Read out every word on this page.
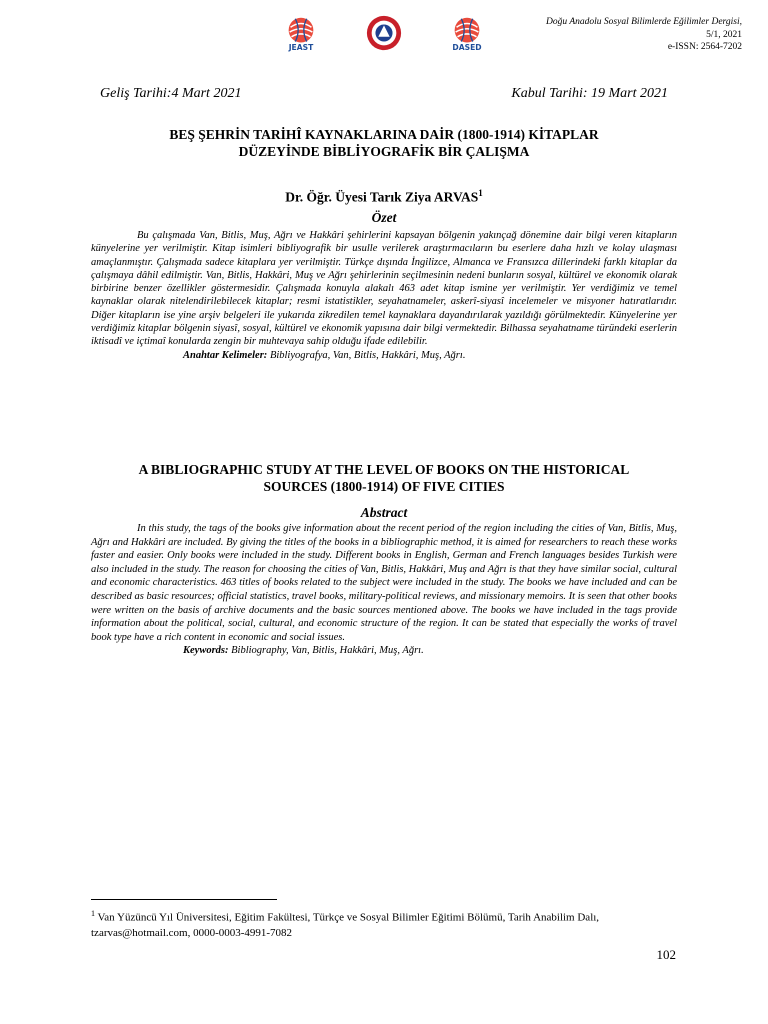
JEAST	DASED
Doğu Anadolu Sosyal Bilimlerde Eğilimler Dergisi,
5/1, 2021
e-ISSN: 2564-7202
Geliş Tarihi:4 Mart 2021	Kabul Tarihi: 19 Mart 2021
BEŞ ŞEHRİN TARİHÎ KAYNAKLARINA DAİR (1800-1914) KİTAPLAR
DÜZEYİNDE BİBLİYOGRAFİK BİR ÇALIŞMA
Dr. Öğr. Üyesi Tarık Ziya ARVAS$^1$
Özet

Bu çalışmada Van, Bitlis, Muş, Ağrı ve Hakkâri şehirlerini kapsayan bölgenin yakınçağ dönemine dair bilgi veren kitapların künyelerine yer verilmiştir. Kitap isimleri bibliyografik bir usulle verilerek araştırmacıların bu eserlere daha hızlı ve kolay ulaşması amaçlanmıştır. Çalışmada sadece kitaplara yer verilmiştir. Türkçe dışında İngilizce, Almanca ve Fransızca dillerindeki farklı kitaplar da çalışmaya dâhil edilmiştir. Van, Bitlis, Hakkâri, Muş ve Ağrı şehirlerinin seçilmesinin nedeni bunların sosyal, kültürel ve ekonomik olarak birbirine benzer özellikler göstermesidir. Çalışmada konuyla alakalı 463 adet kitap ismine yer verilmiştir. Yer verdiğimiz ve temel kaynaklar olarak nitelendirilebilecek kitaplar; resmi istatistikler, seyahatnameler, askerî-siyasî incelemeler ve misyoner hatıratlarıdır. Diğer kitapların ise yine arşiv belgeleri ile yukarıda zikredilen temel kaynaklara dayandırılarak yazıldığı görülmektedir. Künyelerine yer verdiğimiz kitaplar bölgenin siyasî, sosyal, kültürel ve ekonomik yapısına dair bilgi vermektedir. Bilhassa seyahatname türündeki eserlerin iktisadî ve içtimaî konularda zengin bir muhtevaya sahip olduğu ifade edilebilir.

Anahtar Kelimeler: Bibliyografya, Van, Bitlis, Hakkâri, Muş, Ağrı.

A BIBLIOGRAPHIC STUDY AT THE LEVEL OF BOOKS ON THE HISTORICAL
SOURCES (1800-1914) OF FIVE CITIES
Abstract

In this study, the tags of the books give information about the recent period of the region including the cities of Van, Bitlis, Muş, Ağrı and Hakkâri are included. By giving the titles of the books in a bibliographic method, it is aimed for researchers to reach these works faster and easier. Only books were included in the study. Different books in English, German and French languages besides Turkish were also included in the study. The reason for choosing the cities of Van, Bitlis, Hakkâri, Muş and Ağrı is that they have similar social, cultural and economic characteristics. 463 titles of books related to the subject were included in the study. The books we have included and can be described as basic resources; official statistics, travel books, military-political reviews, and missionary memoirs. It is seen that other books were written on the basis of archive documents and the basic sources mentioned above. The books we have included in the tags provide information about the political, social, cultural, and economic structure of the region. It can be stated that especially the works of travel book type have a rich content in economic and social issues.

Keywords: Bibliography, Van, Bitlis, Hakkâri, Muş, Ağrı.

$^1$ Van Yüzüncü Yıl Üniversitesi, Eğitim Fakültesi, Türkçe ve Sosyal Bilimler Eğitimi Bölümü, Tarih Anabilim Dalı, tzarvas@hotmail.com, 0000-0003-4991-7082
102
